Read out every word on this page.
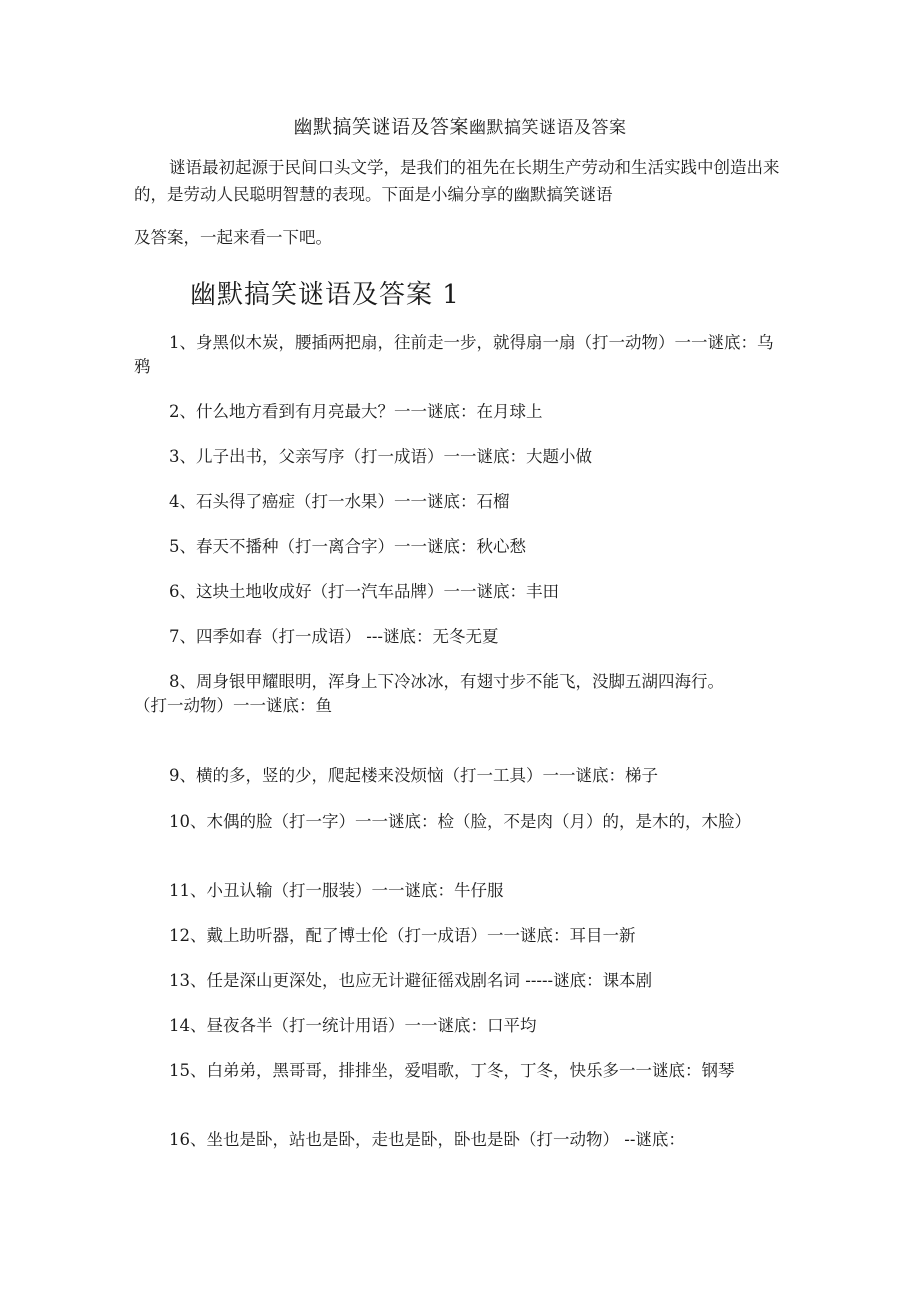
幽默搞笑谜语及答案幽默搞笑谜语及答案
谜语最初起源于民间口头文学，是我们的祖先在长期生产劳动和生活实践中创造出来的，是劳动人民聪明智慧的表现。下面是小编分享的幽默搞笑谜语
及答案，一起来看一下吧。
幽默搞笑谜语及答案 1
1、身黑似木炭，腰插两把扇，往前走一步，就得扇一扇（打一动物）一一谜底：乌鸦
2、什么地方看到有月亮最大？一一谜底：在月球上
3、儿子出书，父亲写序（打一成语）一一谜底：大题小做
4、石头得了癌症（打一水果）一一谜底：石榴
5、春天不播种（打一离合字）一一谜底：秋心愁
6、这块土地收成好（打一汽车品牌）一一谜底：丰田
7、四季如春（打一成语） ---谜底：无冬无夏
8、周身银甲耀眼明，浑身上下冷冰冰，有翅寸步不能飞，没脚五湖四海行。
（打一动物）一一谜底：鱼
9、横的多，竖的少，爬起楼来没烦恼（打一工具）一一谜底：梯子
10、木偶的脸（打一字）一一谜底：检（脸，不是肉（月）的，是木的，木脸）
11、小丑认输（打一服装）一一谜底：牛仔服
12、戴上助听器，配了博士伦（打一成语）一一谜底：耳目一新
13、任是深山更深处，也应无计避征徭戏剧名词 -----谜底：课本剧
14、昼夜各半（打一统计用语）一一谜底：口平均
15、白弟弟，黑哥哥，排排坐，爱唱歌，丁冬，丁冬，快乐多一一谜底：钢琴
16、坐也是卧，站也是卧，走也是卧，卧也是卧（打一动物） --谜底：
